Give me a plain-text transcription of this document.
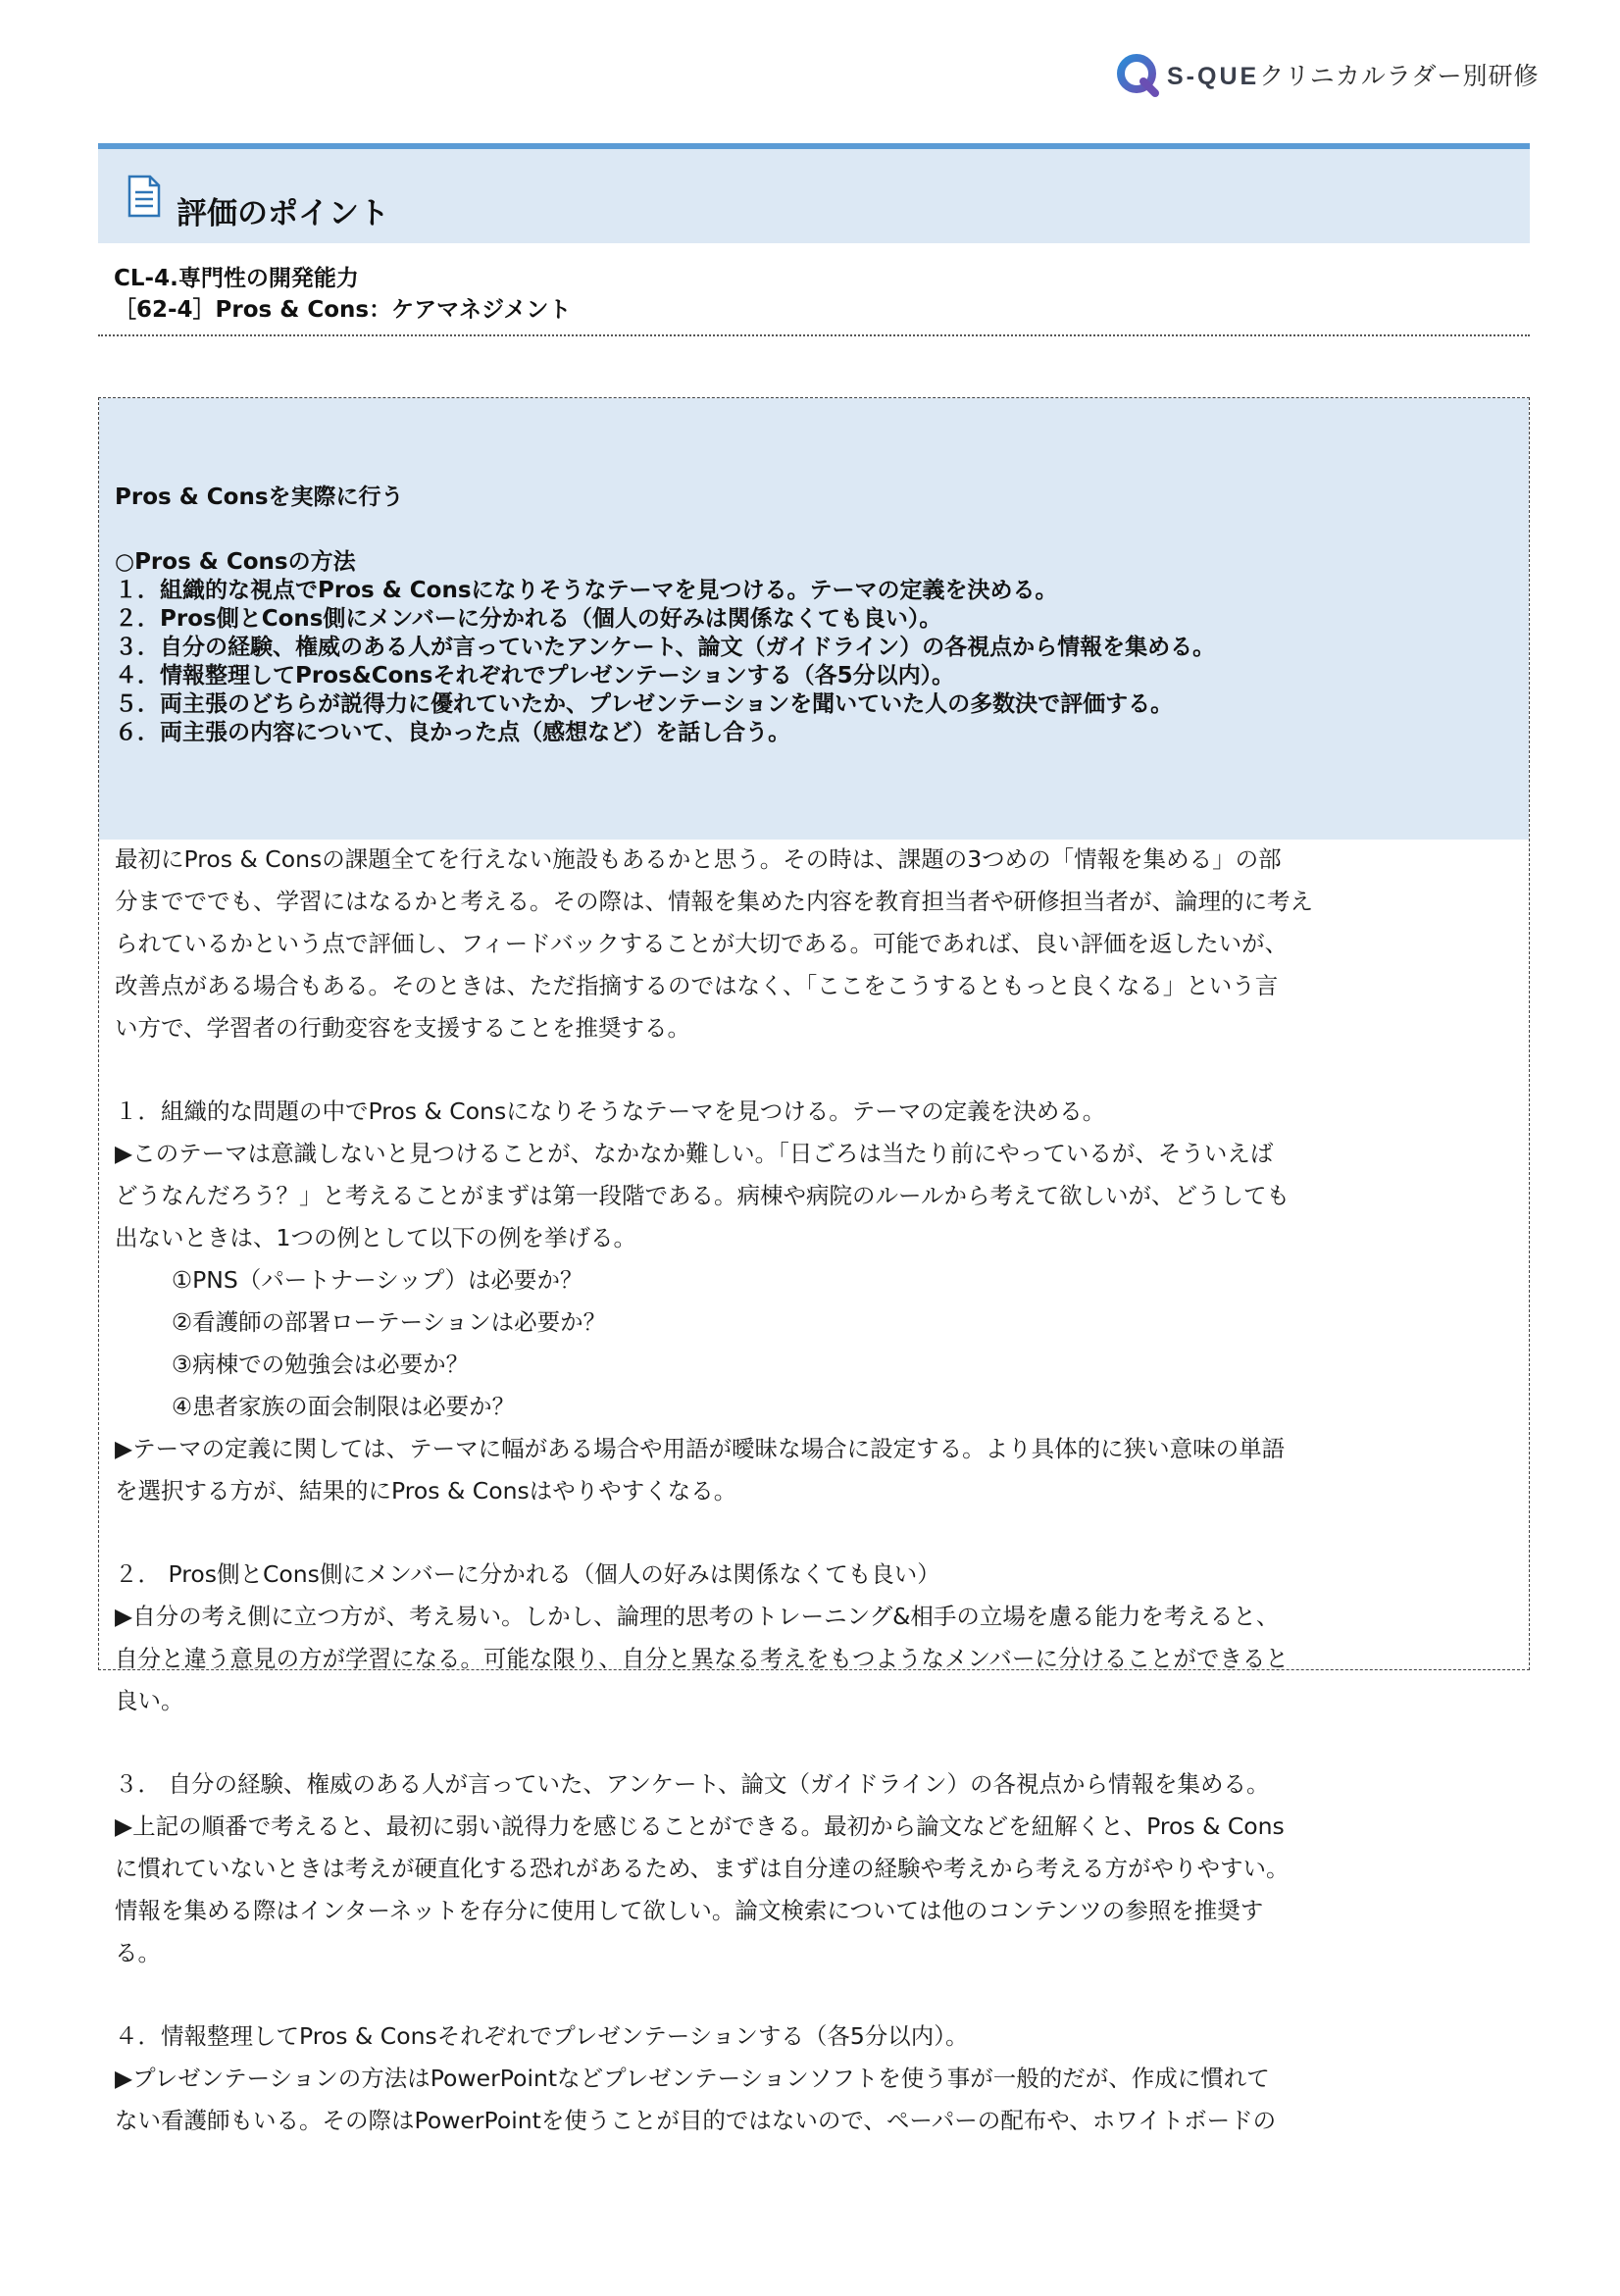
S-QUEクリニカルラダー別研修
評価のポイント
CL-4.専門性の開発能力
［62-4］Pros & Cons：ケアマネジメント
Pros & Consを実際に行う
○Pros & Consの方法
１．組織的な視点でPros & Consになりそうなテーマを見つける。テーマの定義を決める。
２．Pros側とCons側にメンバーに分かれる（個人の好みは関係なくても良い）。
３．自分の経験、権威のある人が言っていたアンケート、論文（ガイドライン）の各視点から情報を集める。
４．情報整理してPros&Consそれぞれでプレゼンテーションする（各5分以内）。
５．両主張のどちらが説得力に優れていたか、プレゼンテーションを聞いていた人の多数決で評価する。
６．両主張の内容について、良かった点（感想など）を話し合う。
最初にPros & Consの課題全てを行えない施設もあるかと思う。その時は、課題の3つめの「情報を集める」の部
分までででも、学習にはなるかと考える。その際は、情報を集めた内容を教育担当者や研修担当者が、論理的に考え
られているかという点で評価し、フィードバックすることが大切である。可能であれば、良い評価を返したいが、
改善点がある場合もある。そのときは、ただ指摘するのではなく、「ここをこうするともっと良くなる」という言
い方で、学習者の行動変容を支援することを推奨する。
１．組織的な問題の中でPros & Consになりそうなテーマを見つける。テーマの定義を決める。
▶このテーマは意識しないと見つけることが、なかなか難しい。「日ごろは当たり前にやっているが、そういえば
どうなんだろう？」と考えることがまずは第一段階である。病棟や病院のルールから考えて欲しいが、どうしても
出ないときは、1つの例として以下の例を挙げる。
①PNS（パートナーシップ）は必要か？
②看護師の部署ローテーションは必要か？
③病棟での勉強会は必要か？
④患者家族の面会制限は必要か？
▶テーマの定義に関しては、テーマに幅がある場合や用語が曖昧な場合に設定する。より具体的に狭い意味の単語
を選択する方が、結果的にPros & Consはやりやすくなる。
２． Pros側とCons側にメンバーに分かれる（個人の好みは関係なくても良い）
▶自分の考え側に立つ方が、考え易い。しかし、論理的思考のトレーニング&相手の立場を慮る能力を考えると、
自分と違う意見の方が学習になる。可能な限り、自分と異なる考えをもつようなメンバーに分けることができると
良い。
３． 自分の経験、権威のある人が言っていた、アンケート、論文（ガイドライン）の各視点から情報を集める。
▶上記の順番で考えると、最初に弱い説得力を感じることができる。最初から論文などを紐解くと、Pros & Cons
に慣れていないときは考えが硬直化する恐れがあるため、まずは自分達の経験や考えから考える方がやりやすい。
情報を集める際はインターネットを存分に使用して欲しい。論文検索については他のコンテンツの参照を推奨す
る。
４．情報整理してPros & Consそれぞれでプレゼンテーションする（各5分以内）。
▶プレゼンテーションの方法はPowerPointなどプレゼンテーションソフトを使う事が一般的だが、作成に慣れて
ない看護師もいる。その際はPowerPointを使うことが目的ではないので、ペーパーの配布や、ホワイトボードの
